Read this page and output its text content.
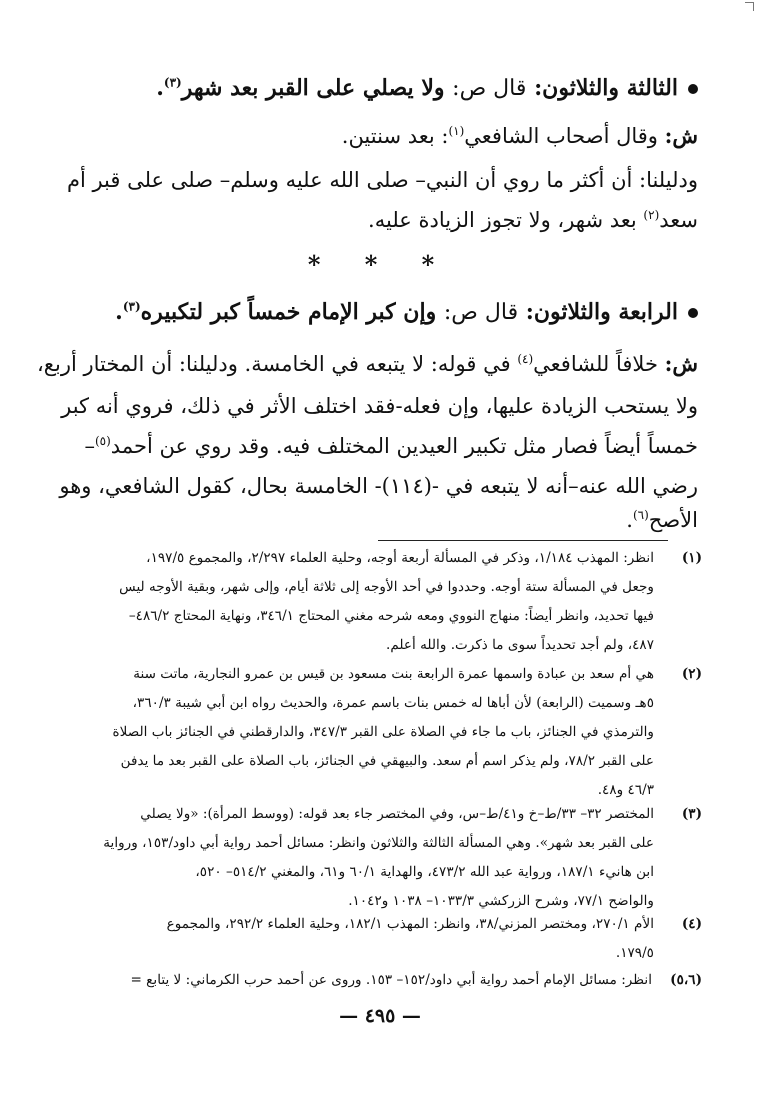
الثالثة والثلاثون: قال ص: ولا يصلي على القبر بعد شهر$^{(٣)}$.
ش: وقال أصحاب الشافعي$^{(١)}$: بعد سنتين.
ودليلنا: أن أكثر ما روي أن النبي– صلى الله عليه وسلم– صلى على قبر أم
سعد$^{(٢)}$ بعد شهر، ولا تجوز الزيادة عليه.
* * *
الرابعة والثلاثون: قال ص: وإن كبر الإمام خمساً كبر لتكبيره$^{(٣)}$.
ش: خلافاً للشافعي$^{(٤)}$ في قوله: لا يتبعه في الخامسة. ودليلنا: أن المختار أربع،
ولا يستحب الزيادة عليها، وإن فعله-فقد اختلف الأثر في ذلك، فروي أنه كبر
خمساً أيضاً فصار مثل تكبير العيدين المختلف فيه. وقد روي عن أحمد$^{(٥)}$–
رضي الله عنه–أنه لا يتبعه في -(١١٤)- الخامسة بحال، كقول الشافعي، وهو
الأصح$^{(٦)}$.
(١)
انظر: المهذب ١/١٨٤، وذكر في المسألة أربعة أوجه، وحلية العلماء ٢/٢٩٧، والمجموع ١٩٧/٥،
وجعل في المسألة ستة أوجه. وحددوا في أحد الأوجه إلى ثلاثة أيام، وإلى شهر، وبقية الأوجه ليس
فيها تحديد، وانظر أيضاً: منهاج النووي ومعه شرحه مغني المحتاج ٣٤٦/١، ونهاية المحتاج ٤٨٦/٢–
٤٨٧، ولم أجد تحديداً سوى ما ذكرت. والله أعلم.
(٢)
هي أم سعد بن عبادة واسمها عمرة الرابعة بنت مسعود بن قيس بن عمرو النجارية، ماتت سنة
٥هـ وسميت (الرابعة) لأن أباها له خمس بنات باسم عمرة، والحديث رواه ابن أبي شيبة ٣٦٠/٣،
والترمذي في الجنائز، باب ما جاء في الصلاة على القبر ٣٤٧/٣، والدارقطني في الجنائز باب الصلاة
على القبر ٧٨/٢، ولم يذكر اسم أم سعد. والبيهقي في الجنائز، باب الصلاة على القبر بعد ما يدفن
٤٦/٣ و٤٨.
(٣)
المختصر ٣٢– ٣٣/ط–خ و٤١/ط–س، وفي المختصر جاء بعد قوله: (ووسط المرأة): «ولا يصلي
على القبر بعد شهر». وهي المسألة الثالثة والثلاثون وانظر: مسائل أحمد رواية أبي داود/١٥٣، ورواية
ابن هانيء ١٨٧/١، ورواية عبد الله ٤٧٣/٢، والهداية ٦٠/١ و٦١، والمغني ٥١٤/٢– ٥٢٠،
والواضح ٧٧/١، وشرح الزركشي ١٠٣٣/٣– ١٠٣٨ و١٠٤٢.
(٤)
الأم ٢٧٠/١، ومختصر المزني/٣٨، وانظر: المهذب ١٨٢/١، وحلية العلماء ٢٩٢/٢، والمجموع
١٧٩/٥.
(٥،٦)
انظر: مسائل الإمام أحمد رواية أبي داود/١٥٢– ١٥٣. وروى عن أحمد حرب الكرماني: لا يتابع =
— ٤٩٥ —
